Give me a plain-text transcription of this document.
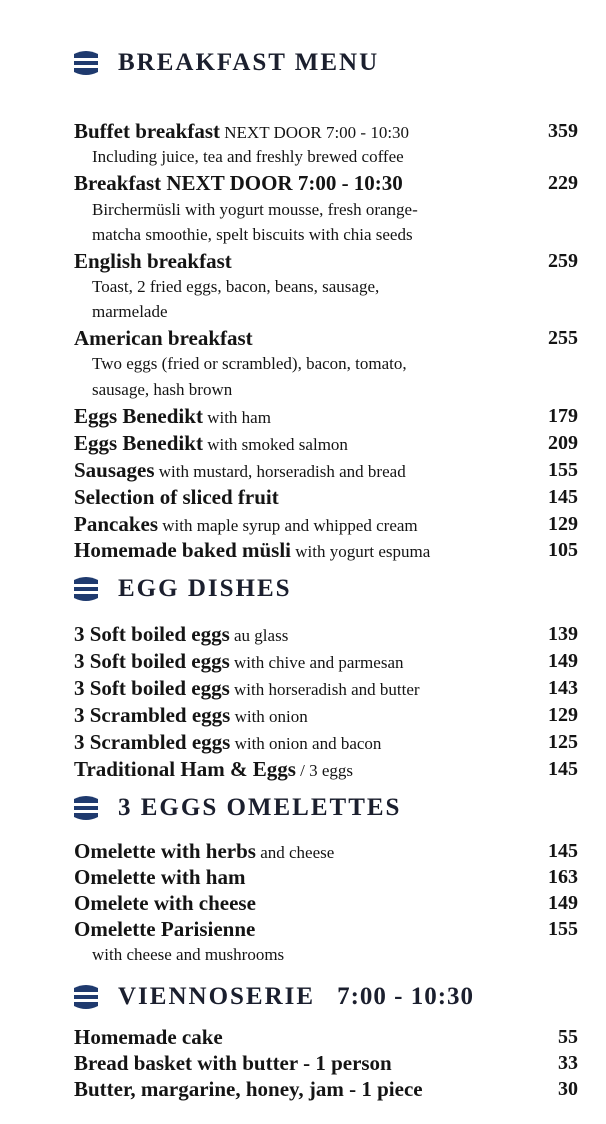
BREAKFAST MENU
Buffet breakfast NEXT DOOR 7:00 - 10:30	359
Including juice, tea and freshly brewed coffee
Breakfast NEXT DOOR 7:00 - 10:30	229
Birchermüsli with yogurt mousse, fresh orange-
matcha smoothie, spelt biscuits with chia seeds
English breakfast	259
Toast, 2 fried eggs, bacon, beans, sausage,
marmelade
American breakfast	255
Two eggs (fried or scrambled), bacon, tomato,
sausage, hash brown
Eggs Benedikt with ham	179
Eggs Benedikt with smoked salmon	209
Sausages with mustard, horseradish and bread	155
Selection of sliced fruit	145
Pancakes with maple syrup and whipped cream	129
Homemade baked müsli with yogurt espuma	105
EGG DISHES
3 Soft boiled eggs au glass	139
3 Soft boiled eggs with chive and parmesan	149
3 Soft boiled eggs with horseradish and butter	143
3 Scrambled eggs with onion	129
3 Scrambled eggs with onion and bacon	125
Traditional Ham & Eggs / 3 eggs	145
3 EGGS OMELETTES
Omelette with herbs and cheese	145
Omelette with ham	163
Omelete with cheese	149
Omelette Parisienne	155
with cheese and mushrooms
VIENNOSERIE 7:00 - 10:30
Homemade cake	55
Bread basket with butter - 1 person	33
Butter, margarine, honey, jam - 1 piece	30
